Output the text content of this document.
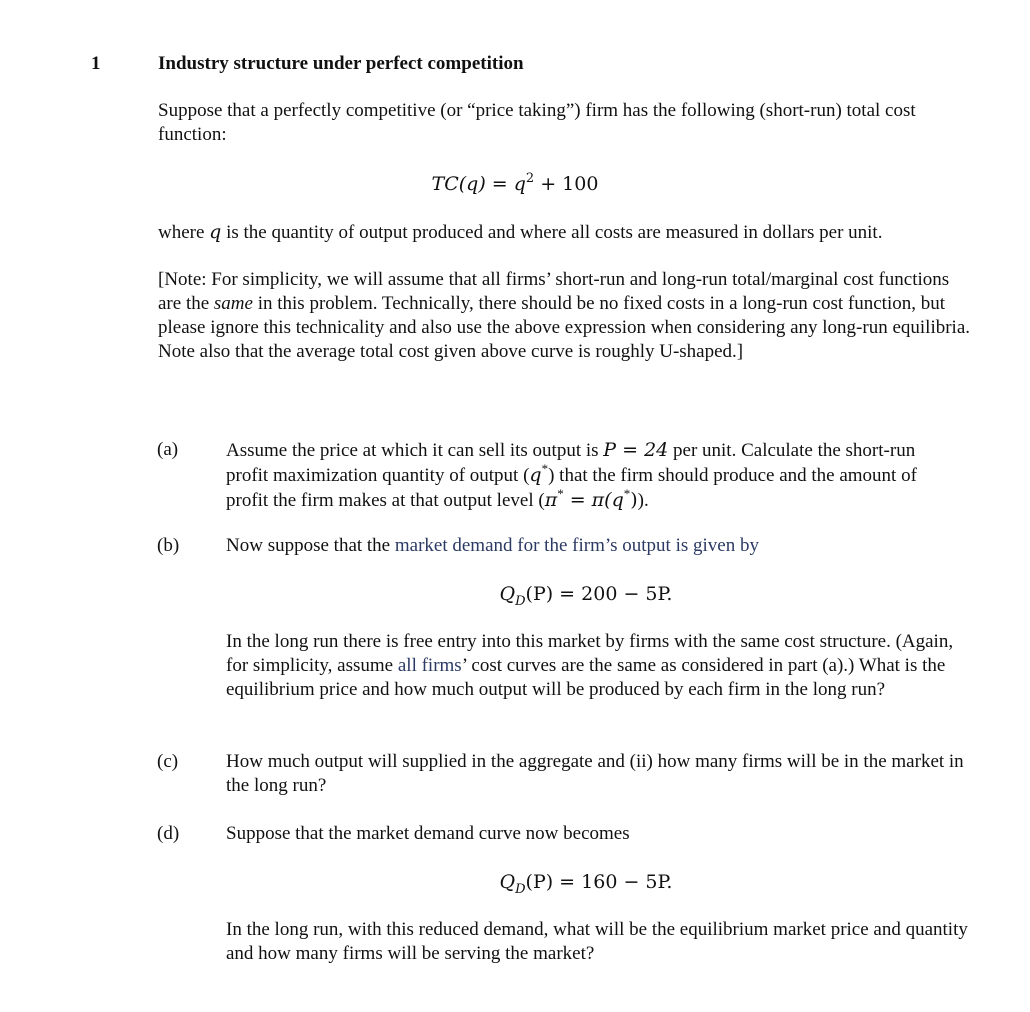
1	Industry structure under perfect competition
Suppose that a perfectly competitive (or “price taking”) firm has the following (short-run) total cost function:
$TC(q) = q^2 + 100$
where q is the quantity of output produced and where all costs are measured in dollars per unit.
[Note: For simplicity, we will assume that all firms’ short-run and long-run total/marginal cost functions are the same in this problem. Technically, there should be no fixed costs in a long-run cost function, but please ignore this technicality and also use the above expression when considering any long-run equilibria. Note also that the average total cost given above curve is roughly U-shaped.]
(a)	Assume the price at which it can sell its output is P = 24 per unit. Calculate the short-run profit maximization quantity of output (q*) that the firm should produce and the amount of profit the firm makes at that output level (π* = π(q*)).
(b) Now suppose that the market demand for the firm’s output is given by
$Q_D(P) = 200 - 5P$.
In the long run there is free entry into this market by firms with the same cost structure. (Again, for simplicity, assume all firms’ cost curves are the same as considered in part (a).) What is the equilibrium price and how much output will be produced by each firm in the long run?
(c)	How much output will supplied in the aggregate and (ii) how many firms will be in the market in the long run?
(d) Suppose that the market demand curve now becomes
$Q_D(P) = 160 - 5P$.
In the long run, with this reduced demand, what will be the equilibrium market price and quantity and how many firms will be serving the market?
